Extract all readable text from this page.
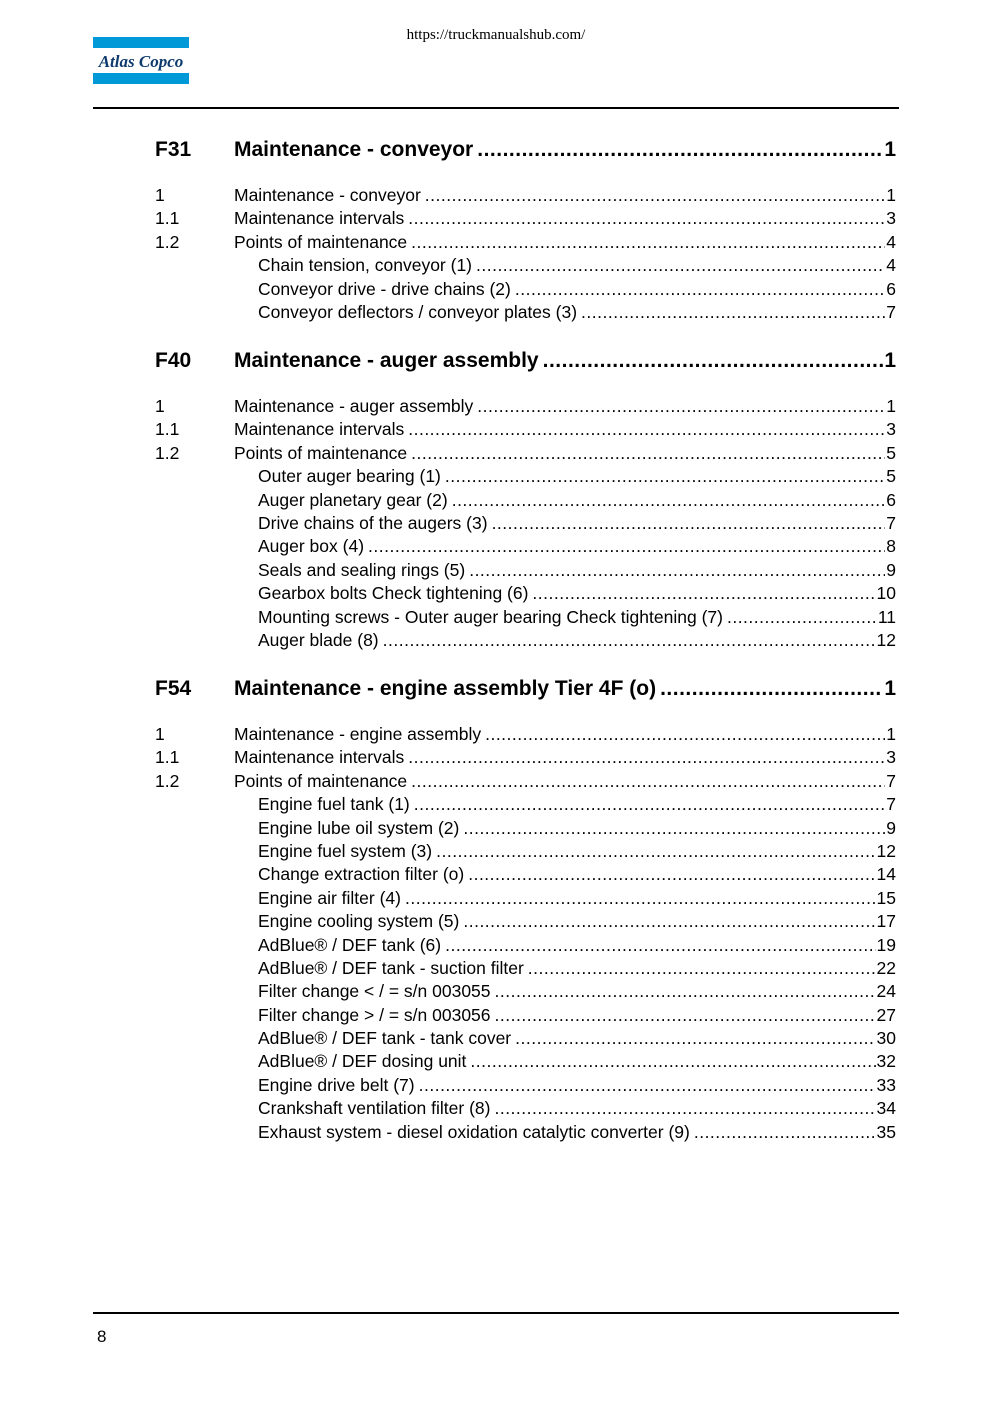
https://truckmanualshub.com/
Atlas Copco
F31 Maintenance - conveyor .....	1
1	Maintenance - conveyor .....	1
1.1	Maintenance intervals .....	3
1.2	Points of maintenance .....	4
Chain tension, conveyor (1) .....	4
Conveyor drive - drive chains (2) .....	6
Conveyor deflectors / conveyor plates (3) .....	7
F40 Maintenance - auger assembly .....	1
1	Maintenance - auger assembly .....	1
1.1	Maintenance intervals .....	3
1.2	Points of maintenance .....	5
Outer auger bearing (1) .....	5
Auger planetary gear (2) .....	6
Drive chains of the augers (3) .....	7
Auger box (4) .....	8
Seals and sealing rings (5) .....	9
Gearbox bolts Check tightening (6) .....	10
Mounting screws - Outer auger bearing Check tightening (7) .....	11
Auger blade (8) .....	12
F54 Maintenance - engine assembly Tier 4F (o) .....	1
1	Maintenance - engine assembly .....	1
1.1	Maintenance intervals .....	3
1.2	Points of maintenance .....	7
Engine fuel tank (1) .....	7
Engine lube oil system (2) .....	9
Engine fuel system (3) .....	12
Change extraction filter (o) .....	14
Engine air filter (4) .....	15
Engine cooling system (5) .....	17
AdBlue® / DEF tank (6) .....	19
AdBlue® / DEF tank - suction filter .....	22
Filter change < / = s/n 003055 .....	24
Filter change > / = s/n 003056 .....	27
AdBlue® / DEF tank - tank cover .....	30
AdBlue® / DEF dosing unit .....	32
Engine drive belt (7) .....	33
Crankshaft ventilation filter (8) .....	34
Exhaust system - diesel oxidation catalytic converter (9) .....	35
8
